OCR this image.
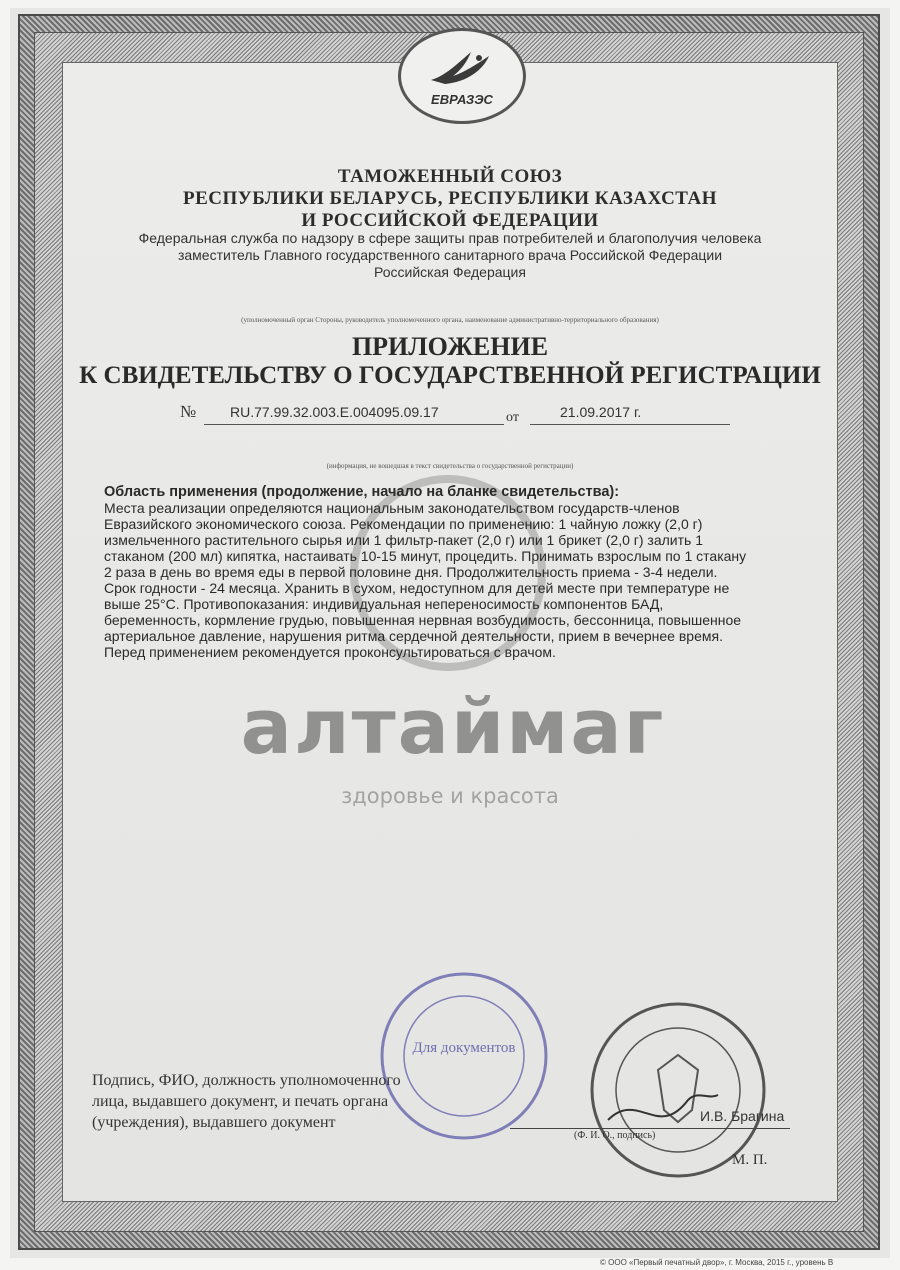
ЕВРАЗЭС
ТАМОЖЕННЫЙ СОЮЗ
РЕСПУБЛИКИ БЕЛАРУСЬ, РЕСПУБЛИКИ КАЗАХСТАН
И РОССИЙСКОЙ ФЕДЕРАЦИИ
Федеральная служба по надзору в сфере защиты прав потребителей и благополучия человека
заместитель Главного государственного санитарного врача Российской Федерации
Российская Федерация
(уполномоченный орган Стороны, руководитель уполномоченного органа, наименование административно-территориального образования)
ПРИЛОЖЕНИЕ
К СВИДЕТЕЛЬСТВУ О ГОСУДАРСТВЕННОЙ РЕГИСТРАЦИИ
№ RU.77.99.32.003.E.004095.09.17	от	21.09.2017 г.
(информация, не вошедшая в текст свидетельства о государственной регистрации)
Область применения (продолжение, начало на бланке свидетельства):
Места реализации определяются национальным законодательством государств-членов
Евразийского экономического союза. Рекомендации по применению: 1 чайную ложку (2,0 г)
измельченного растительного сырья или 1 фильтр-пакет (2,0 г) или 1 брикет (2,0 г) залить 1
стаканом (200 мл) кипятка, настаивать 10-15 минут, процедить. Принимать взрослым по 1 стакану
2 раза в день во время еды в первой половине дня. Продолжительность приема - 3-4 недели.
Срок годности - 24 месяца. Хранить в сухом, недоступном для детей месте при температуре не
выше 25°С. Противопоказания: индивидуальная непереносимость компонентов БАД,
беременность, кормление грудью, повышенная нервная возбудимость, бессонница, повышенное
артериальное давление, нарушения ритма сердечной деятельности, прием в вечернее время.
Перед применением рекомендуется проконсультироваться с врачом.
алтаймаг
здоровье и красота
Для документов
Подпись, ФИО, должность уполномоченного
лица, выдавшего документ, и печать органа
(учреждения), выдавшего документ	И.В. Брагина
(Ф. И. О., подпись)
М. П.
© ООО «Первый печатный двор», г. Москва, 2015 г., уровень В
